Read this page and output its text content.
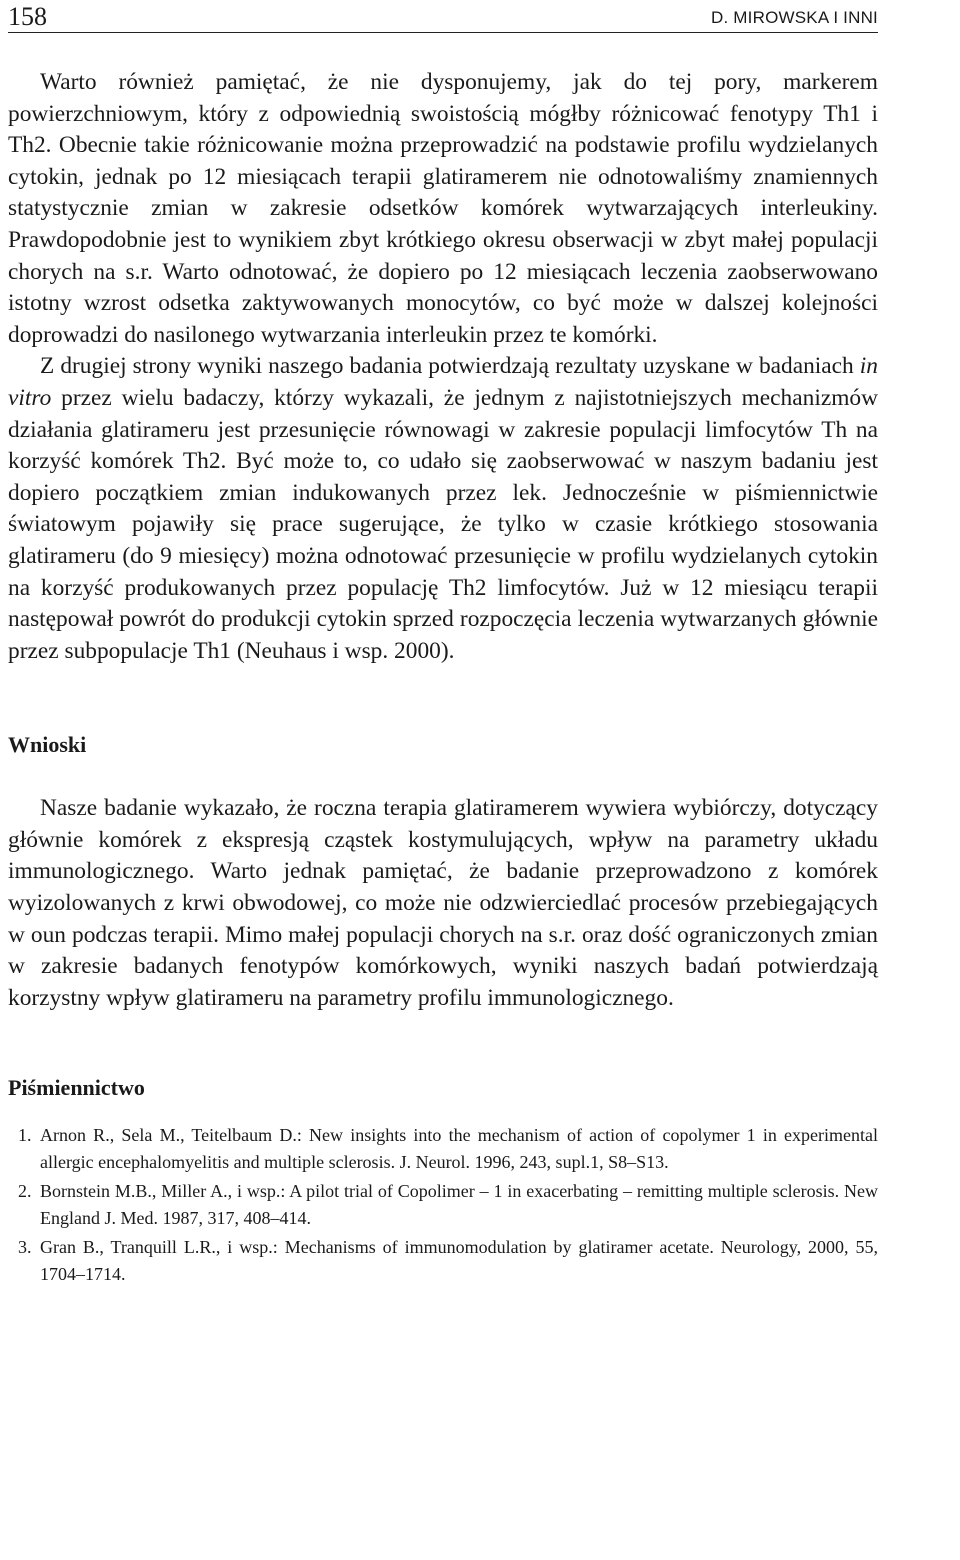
158	D. MIROWSKA I INNI

Warto również pamiętać, że nie dysponujemy, jak do tej pory, markerem powierzchniowym, który z odpowiednią swoistością mógłby różnicować fenotypy Th1 i Th2. Obecnie takie różnicowanie można przeprowadzić na podstawie profilu wydzielanych cytokin, jednak po 12 miesiącach terapii glatiramerem nie odnotowaliśmy znamiennych statystycznie zmian w zakresie odsetków komórek wytwarzających interleukiny. Prawdopodobnie jest to wynikiem zbyt krótkiego okresu obserwacji w zbyt małej populacji chorych na s.r. Warto odnotować, że dopiero po 12 miesiącach leczenia zaobserwowano istotny wzrost odsetka zaktywowanych monocytów, co być może w dalszej kolejności doprowadzi do nasilonego wytwarzania interleukin przez te komórki.

Z drugiej strony wyniki naszego badania potwierdzają rezultaty uzyskane w badaniach in vitro przez wielu badaczy, którzy wykazali, że jednym z najistotniejszych mechanizmów działania glatirameru jest przesunięcie równowagi w zakresie populacji limfocytów Th na korzyść komórek Th2. Być może to, co udało się zaobserwować w naszym badaniu jest dopiero początkiem zmian indukowanych przez lek. Jednocześnie w piśmiennictwie światowym pojawiły się prace sugerujące, że tylko w czasie krótkiego stosowania glatirameru (do 9 miesięcy) można odnotować przesunięcie w profilu wydzielanych cytokin na korzyść produkowanych przez populację Th2 limfocytów. Już w 12 miesiącu terapii następował powrót do produkcji cytokin sprzed rozpoczęcia leczenia wytwarzanych głównie przez subpopulacje Th1 (Neuhaus i wsp. 2000).

Wnioski

Nasze badanie wykazało, że roczna terapia glatiramerem wywiera wybiórczy, dotyczący głównie komórek z ekspresją cząstek kostymulujących, wpływ na parametry układu immunologicznego. Warto jednak pamiętać, że badanie przeprowadzono z komórek wyizolowanych z krwi obwodowej, co może nie odzwierciedlać procesów przebiegających w oun podczas terapii. Mimo małej populacji chorych na s.r. oraz dość ograniczonych zmian w zakresie badanych fenotypów komórkowych, wyniki naszych badań potwierdzają korzystny wpływ glatirameru na parametry profilu immunologicznego.

Piśmiennictwo
1. Arnon R., Sela M., Teitelbaum D.: New insights into the mechanism of action of copolymer 1 in experimental allergic encephalomyelitis and multiple sclerosis. J. Neurol. 1996, 243, supl.1, S8–S13.
2. Bornstein M.B., Miller A., i wsp.: A pilot trial of Copolimer – 1 in exacerbating – remitting multiple sclerosis. New England J. Med. 1987, 317, 408–414.
3. Gran B., Tranquill L.R., i wsp.: Mechanisms of immunomodulation by glatiramer acetate. Neurology, 2000, 55, 1704–1714.
